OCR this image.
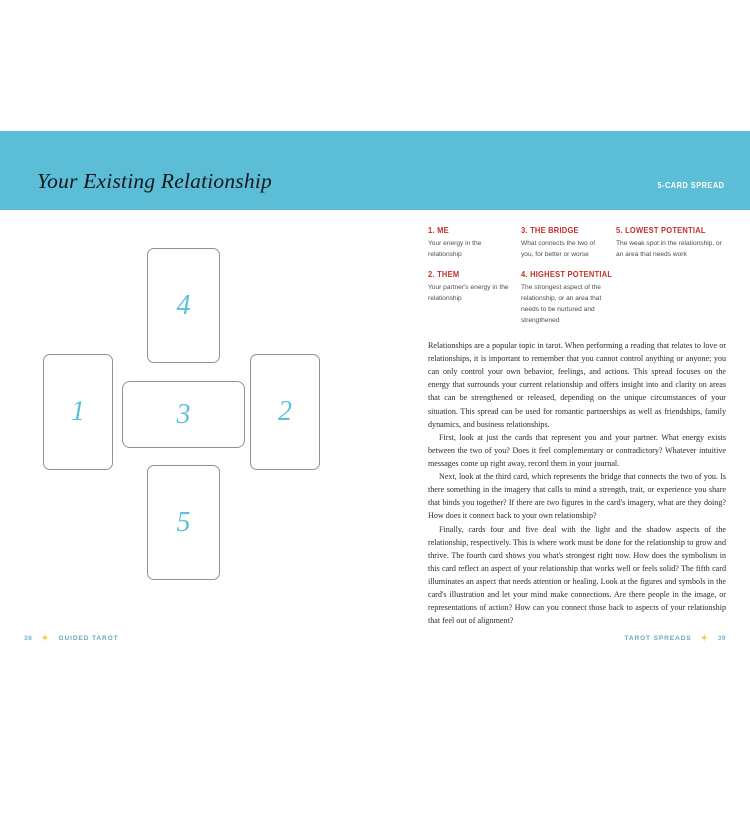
Your Existing Relationship	5-CARD SPREAD
1	2
3
4
5
1. ME
Your energy in the relationship
2. THEM
Your partner's energy in the relationship
3. THE BRIDGE
What connects the two of you, for better or worse
4. HIGHEST POTENTIAL
The strongest aspect of the relationship, or an area that needs to be nurtured and strengthened
5. LOWEST POTENTIAL
The weak spot in the relationship, or an area that needs work

Relationships are a popular topic in tarot. When performing a reading that relates to love or relationships, it is important to remember that you cannot control anything or anyone; you can only control your own behavior, feelings, and actions. This spread focuses on the energy that surrounds your current relationship and offers insight into and clarity on areas that can be strengthened or released, depending on the unique circumstances of your situation. This spread can be used for romantic partnerships as well as friendships, family dynamics, and business relationships.

First, look at just the cards that represent you and your partner. What energy exists between the two of you? Does it feel complementary or contradictory? Whatever intuitive messages come up right away, record them in your journal.

Next, look at the third card, which represents the bridge that connects the two of you. Is there something in the imagery that calls to mind a strength, trait, or experience you share that binds you together? If there are two figures in the card's imagery, what are they doing? How does it connect back to your own relationship?

Finally, cards four and five deal with the light and the shadow aspects of the relationship, respectively. This is where work must be done for the relationship to grow and thrive. The fourth card shows you what's strongest right now. How does the symbolism in this card reflect an aspect of your relationship that works well or feels solid? The fifth card illuminates an aspect that needs attention or healing. Look at the figures and symbols in the card's illustration and let your mind make connections. Are there people in the image, or representations of action? How can you connect those back to aspects of your relationship that feel out of alignment?

38 ✦ GUIDED TAROT	TAROT SPREADS ✦ 39
